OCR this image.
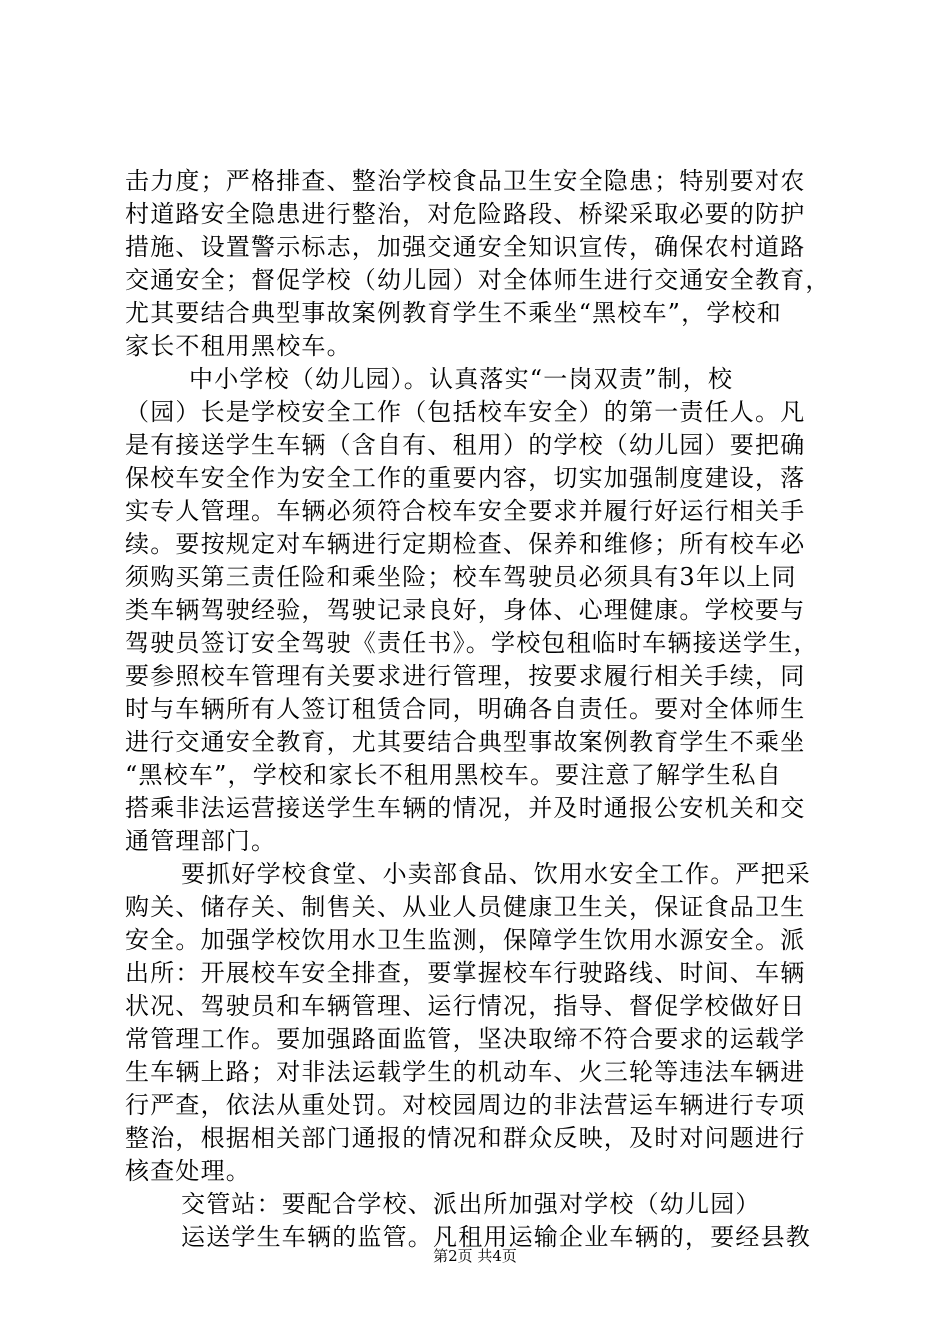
击力度；严格排查、整治学校食品卫生安全隐患；特别要对农
村道路安全隐患进行整治，对危险路段、桥梁采取必要的防护
措施、设置警示标志，加强交通安全知识宣传，确保农村道路
交通安全；督促学校（幼儿园）对全体师生进行交通安全教育，
尤其要结合典型事故案例教育学生不乘坐“黑校车”，学校和
家长不租用黑校车。
中小学校（幼儿园）。认真落实“一岗双责”制，校
（园）长是学校安全工作（包括校车安全）的第一责任人。凡
是有接送学生车辆（含自有、租用）的学校（幼儿园）要把确
保校车安全作为安全工作的重要内容，切实加强制度建设，落
实专人管理。车辆必须符合校车安全要求并履行好运行相关手
续。要按规定对车辆进行定期检查、保养和维修；所有校车必
须购买第三责任险和乘坐险；校车驾驶员必须具有3年以上同
类车辆驾驶经验，驾驶记录良好，身体、心理健康。学校要与
驾驶员签订安全驾驶《责任书》。学校包租临时车辆接送学生，
要参照校车管理有关要求进行管理，按要求履行相关手续，同
时与车辆所有人签订租赁合同，明确各自责任。要对全体师生
进行交通安全教育，尤其要结合典型事故案例教育学生不乘坐
“黑校车”，学校和家长不租用黑校车。要注意了解学生私自
搭乘非法运营接送学生车辆的情况，并及时通报公安机关和交
通管理部门。
要抓好学校食堂、小卖部食品、饮用水安全工作。严把采
购关、储存关、制售关、从业人员健康卫生关，保证食品卫生
安全。加强学校饮用水卫生监测，保障学生饮用水源安全。派
出所：开展校车安全排查，要掌握校车行驶路线、时间、车辆
状况、驾驶员和车辆管理、运行情况，指导、督促学校做好日
常管理工作。要加强路面监管，坚决取缔不符合要求的运载学
生车辆上路；对非法运载学生的机动车、火三轮等违法车辆进
行严查，依法从重处罚。对校园周边的非法营运车辆进行专项
整治，根据相关部门通报的情况和群众反映，及时对问题进行
核查处理。
交管站：要配合学校、派出所加强对学校（幼儿园）
运送学生车辆的监管。凡租用运输企业车辆的，要经县教
第2页 共4页
